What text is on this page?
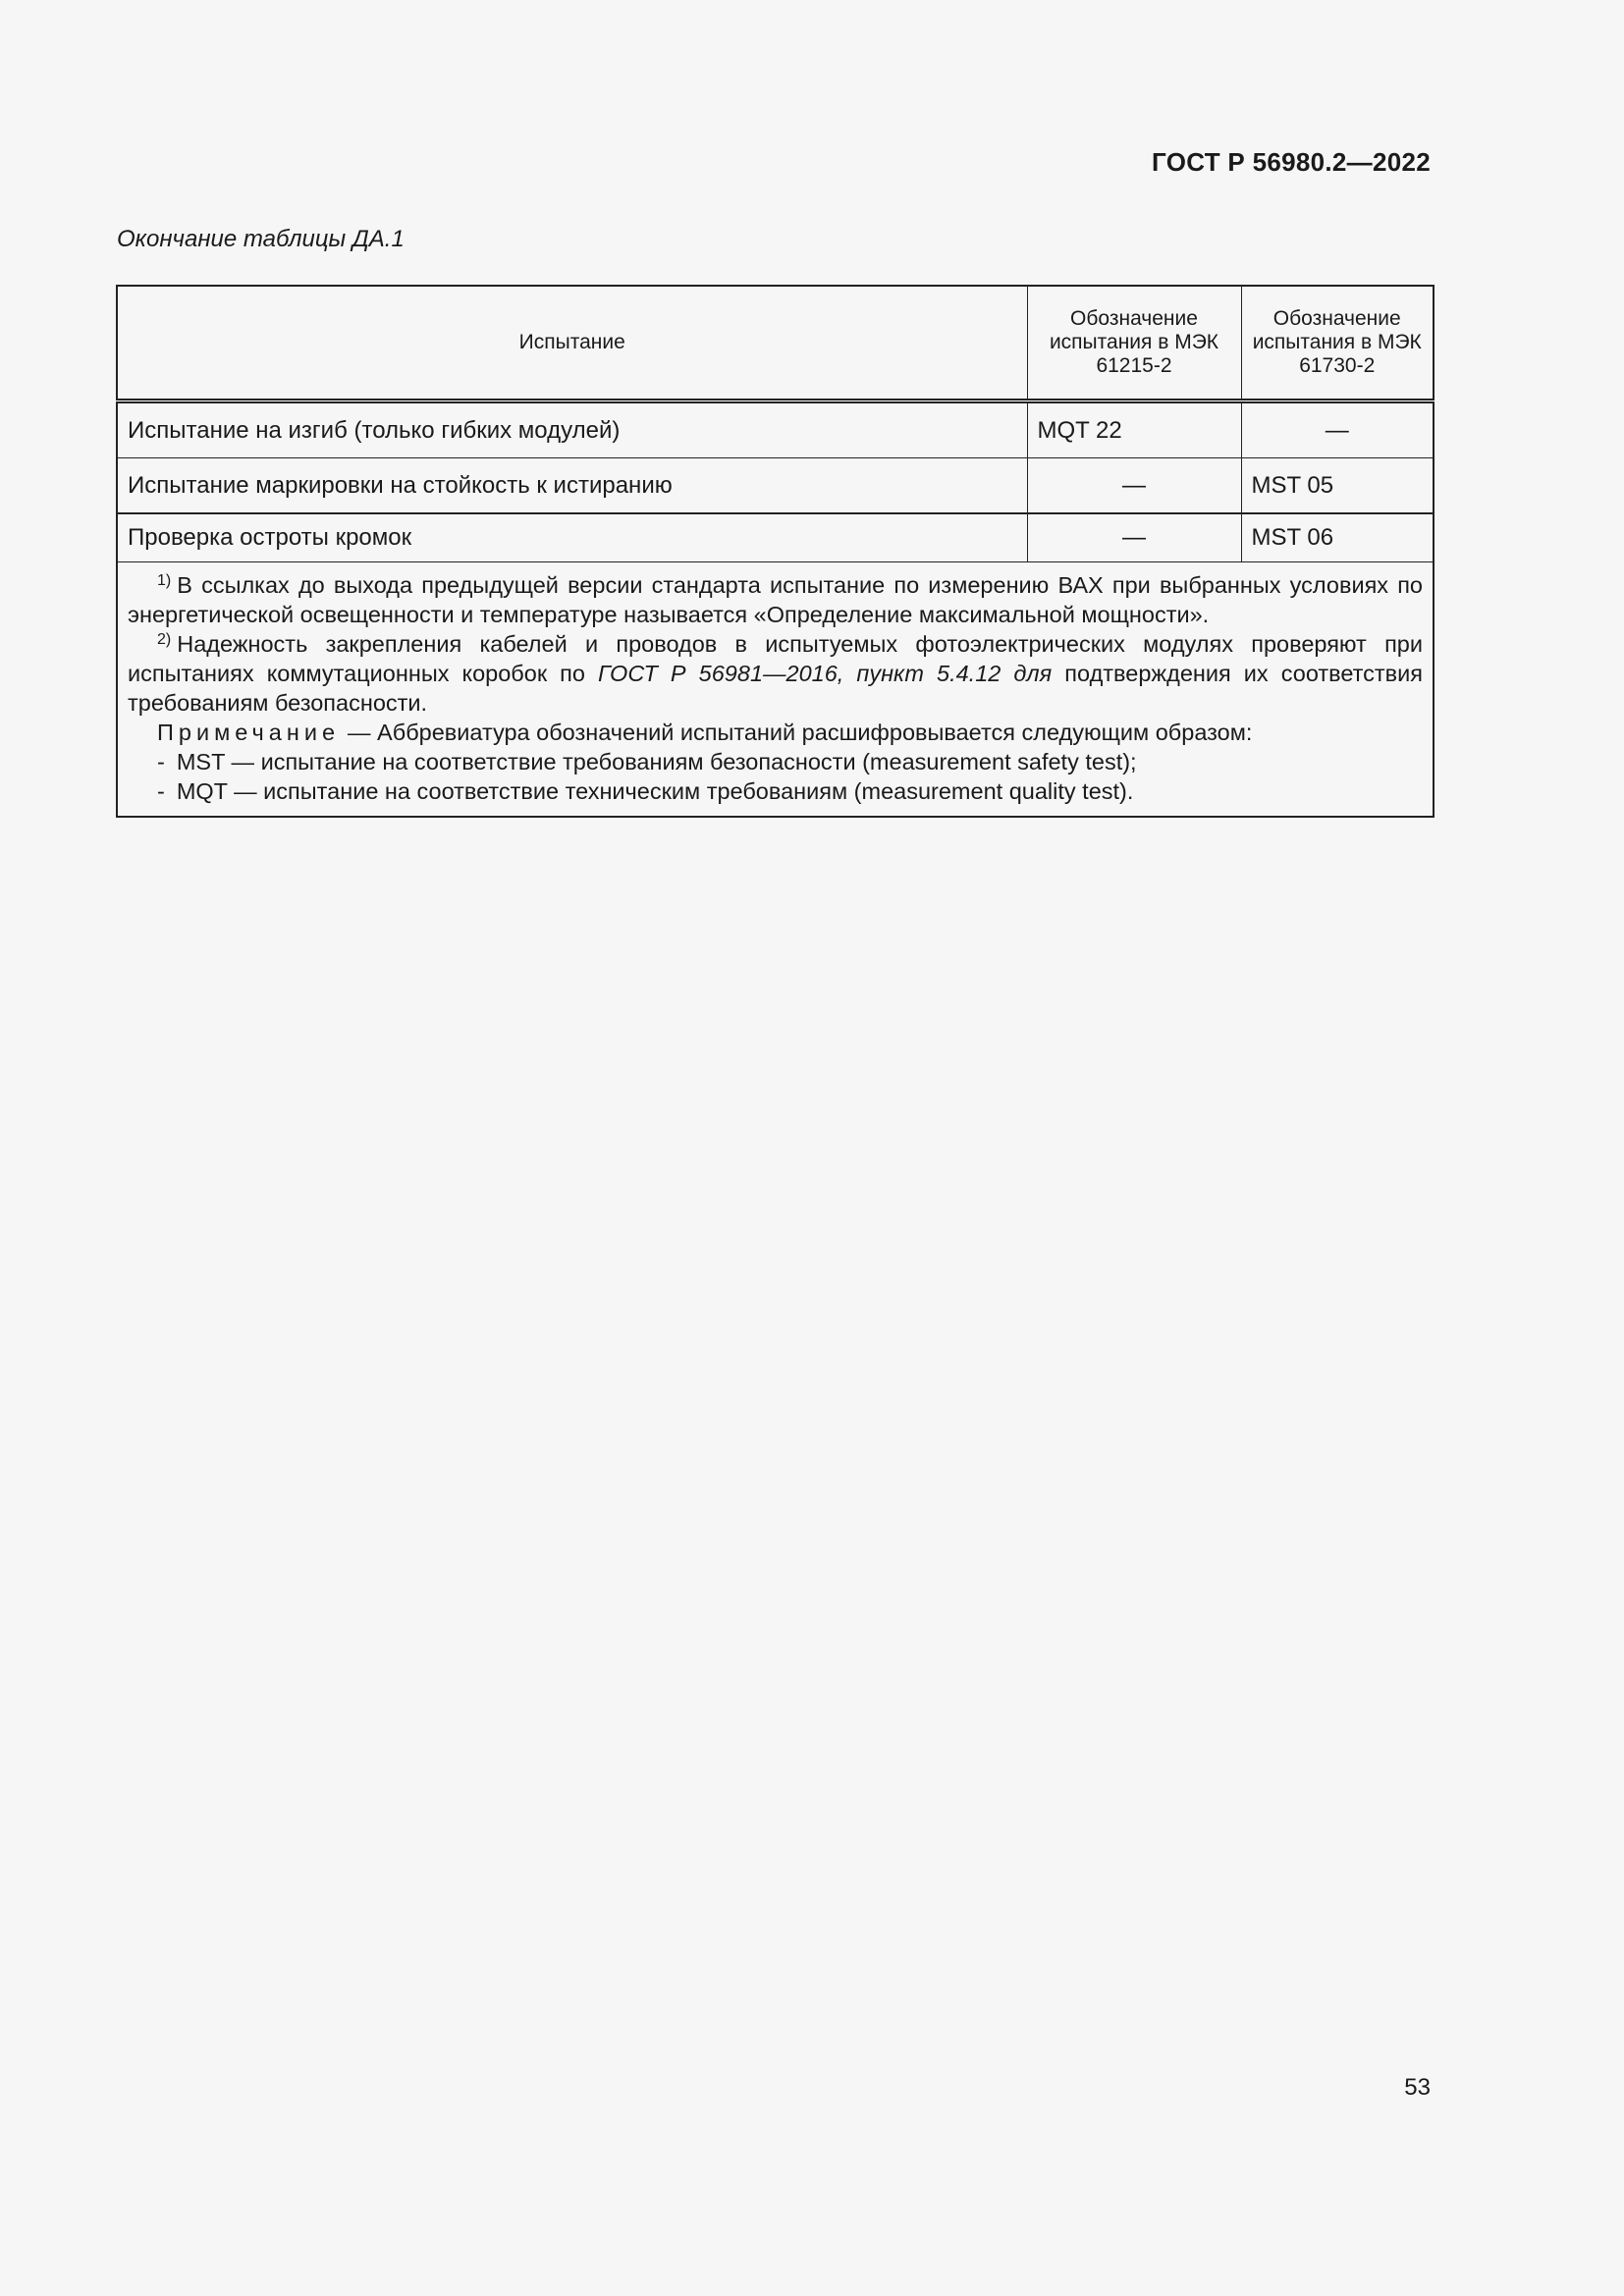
ГОСТ Р 56980.2—2022
Окончание таблицы ДА.1
Испытание	Обозначение испытания в МЭК 61215-2	Обозначение испытания в МЭК 61730-2
Испытание на изгиб (только гибких модулей)	MQT 22	—
Испытание маркировки на стойкость к истиранию	—	MST 05
Проверка остроты кромок	—	MST 06

$^{1)}$ В ссылках до выхода предыдущей версии стандарта испытание по измерению ВАХ при выбранных условиях по энергетической освещенности и температуре называется «Определение максимальной мощности».

$^{2)}$ Надежность закрепления кабелей и проводов в испытуемых фотоэлектрических модулях проверяют при испытаниях коммутационных коробок по ГОСТ Р 56981—2016, пункт 5.4.12 для подтверждения их соответствия требованиям безопасности.

Примечание — Аббревиатура обозначений испытаний расшифровывается следующим образом:

- MST — испытание на соответствие требованиям безопасности (measurement safety test);

- MQT — испытание на соответствие техническим требованиям (measurement quality test).		

53
